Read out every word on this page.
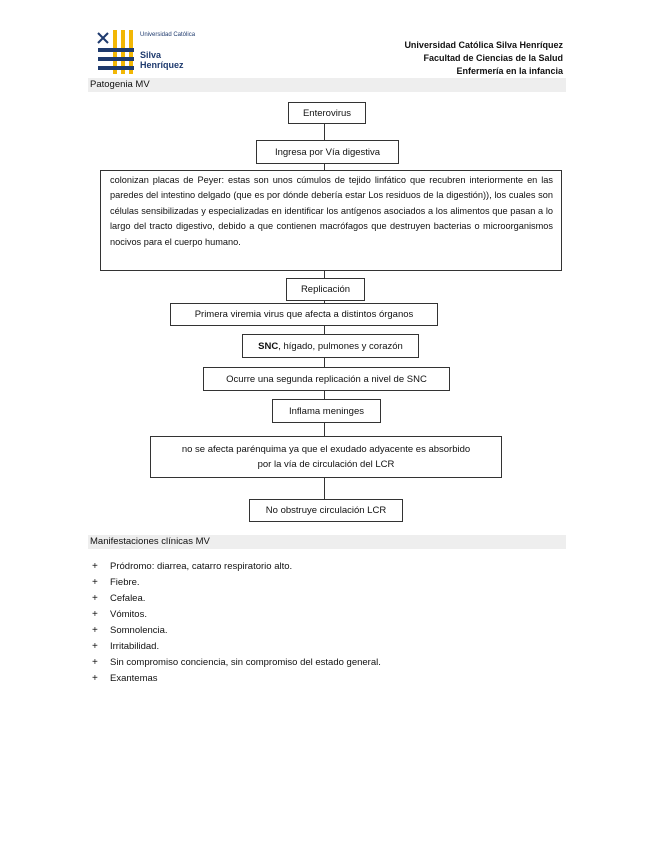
Universidad Católica
Silva
Henríquez
Universidad Católica Silva Henríquez
Facultad de Ciencias de la Salud
Enfermería en la infancia
Patogenia MV
Enterovirus
Ingresa por Vía digestiva
colonizan placas de Peyer: estas son unos cúmulos de tejido linfático que recubren interiormente en las paredes del intestino delgado (que es por dónde debería estar Los residuos de la digestión)), los cuales son células sensibilizadas y especializadas en identificar los antígenos asociados a los alimentos que pasan a lo largo del tracto digestivo, debido a que contienen macrófagos que destruyen bacterias o microorganismos nocivos para el cuerpo humano.
Replicación
Primera viremia virus que afecta a distintos órganos
SNC , hígado, pulmones y corazón
Ocurre una segunda replicación a nivel de SNC
Inflama meninges
no se afecta parénquima ya que el exudado adyacente es absorbido
por la vía de circulación del LCR
No obstruye circulación LCR
Manifestaciones clínicas MV
+ Pródromo: diarrea, catarro respiratorio alto.
+ Fiebre.
+ Cefalea.
+ Vómitos.
+ Somnolencia.
+ Irritabilidad.
+ Sin compromiso conciencia, sin compromiso del estado general.
+ Exantemas
